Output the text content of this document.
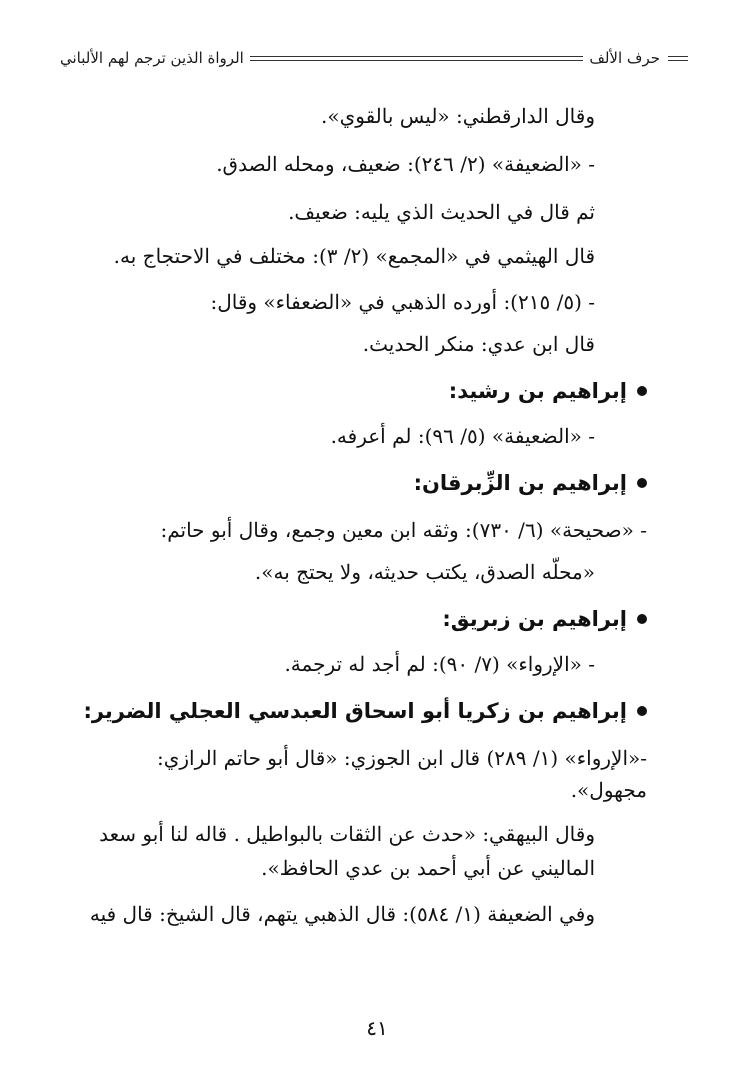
حرف الألف
الرواة الذين ترجم لهم الألباني
وقال الدارقطني: «ليس بالقوي».
- «الضعيفة» (٢/ ٢٤٦): ضعيف، ومحله الصدق.
ثم قال في الحديث الذي يليه: ضعيف.
قال الهيثمي في «المجمع» (٢/ ٣): مختلف في الاحتجاج به.
- (٥/ ٢١٥): أورده الذهبي في «الضعفاء» وقال:
قال ابن عدي: منكر الحديث.
إبراهيم بن رشيد:
- «الضعيفة» (٥/ ٩٦): لم أعرفه.
إبراهيم بن الزِّبرقان:
- «صحيحة» (٦/ ٧٣٠): وثقه ابن معين وجمع، وقال أبو حاتم:
«محلّه الصدق، يكتب حديثه، ولا يحتج به».
إبراهيم بن زبريق:
- «الإرواء» (٧/ ٩٠): لم أجد له ترجمة.
إبراهيم بن زكريا أبو اسحاق العبدسي العجلي الضرير:
-«الإرواء» (١/ ٢٨٩) قال ابن الجوزي: «قال أبو حاتم الرازي:
مجهول».
وقال البيهقي: «حدث عن الثقات بالبواطيل . قاله لنا أبو سعد
الماليني عن أبي أحمد بن عدي الحافظ».
وفي الضعيفة (١/ ٥٨٤): قال الذهبي يتهم، قال الشيخ: قال فيه
٤١
